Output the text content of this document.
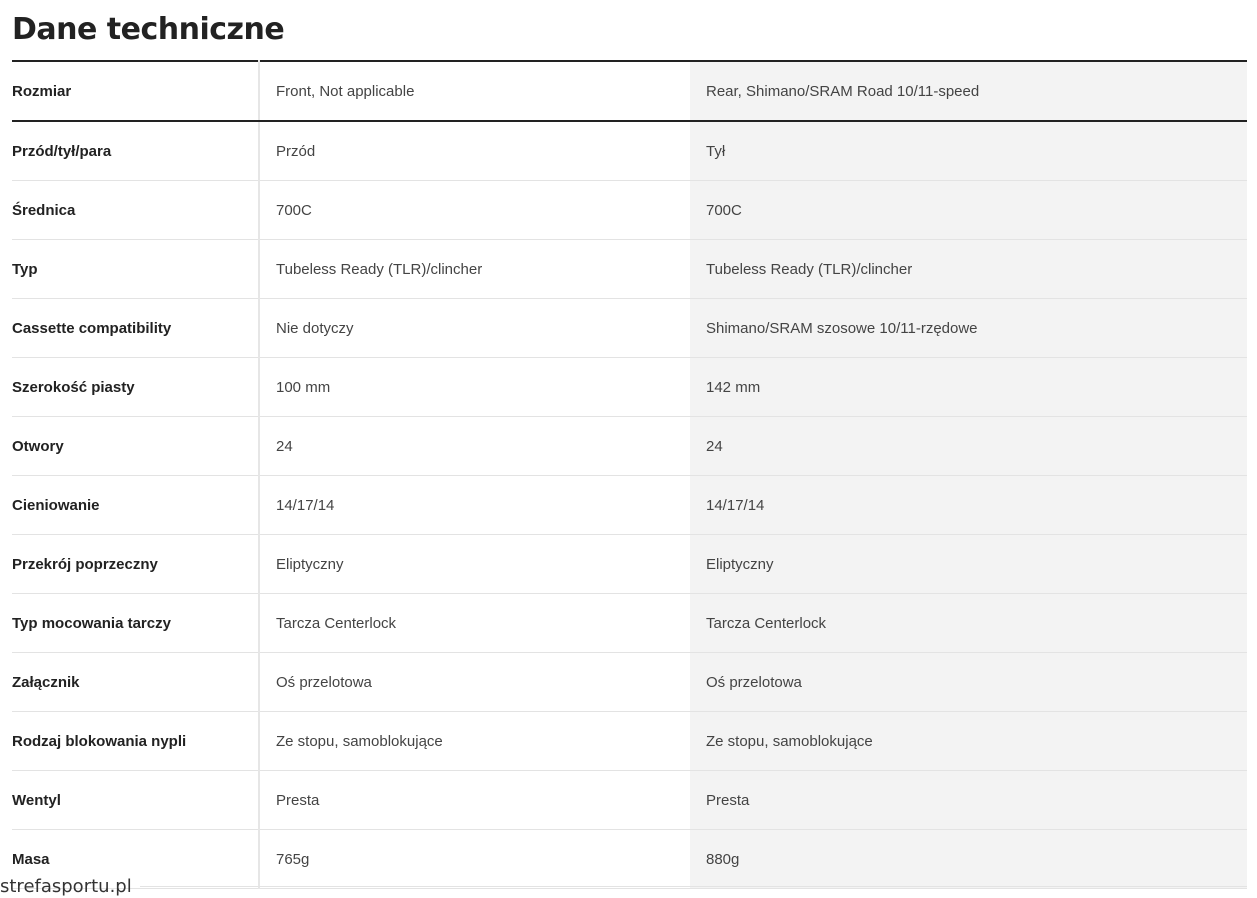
Dane techniczne
Rozmiar	Front, Not applicable	Rear, Shimano/SRAM Road 10/11-speed
Przód/tył/para	Przód	Tył
Średnica	700C	700C
Typ	Tubeless Ready (TLR)/clincher	Tubeless Ready (TLR)/clincher
Cassette compatibility	Nie dotyczy	Shimano/SRAM szosowe 10/11-rzędowe
Szerokość piasty	100 mm	142 mm
Otwory	24	24
Cieniowanie	14/17/14	14/17/14
Przekrój poprzeczny	Eliptyczny	Eliptyczny
Typ mocowania tarczy	Tarcza Centerlock	Tarcza Centerlock
Załącznik	Oś przelotowa	Oś przelotowa
Rodzaj blokowania nypli	Ze stopu, samoblokujące	Ze stopu, samoblokujące
Wentyl	Presta	Presta
Masa	765g	880g
strefasportu.pl
